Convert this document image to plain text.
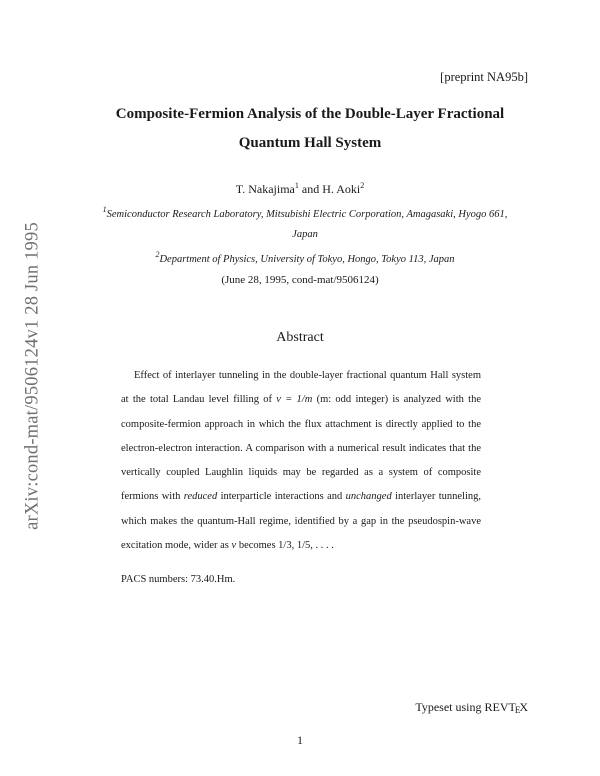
arXiv:cond-mat/9506124v1 28 Jun 1995
[preprint NA95b]
Composite-Fermion Analysis of the Double-Layer Fractional
Quantum Hall System
T. Nakajima$^1$ and H. Aoki$^2$
$^1$Semiconductor Research Laboratory, Mitsubishi Electric Corporation, Amagasaki, Hyogo 661,
Japan
$^2$Department of Physics, University of Tokyo, Hongo, Tokyo 113, Japan
(June 28, 1995, cond-mat/9506124)
Abstract

Effect of interlayer tunneling in the double-layer fractional quantum Hall system at the total Landau level filling of ν = 1/m (m: odd integer) is analyzed with the composite-fermion approach in which the flux attachment is directly applied to the electron-electron interaction. A comparison with a numerical result indicates that the vertically coupled Laughlin liquids may be regarded as a system of composite fermions with reduced interparticle interactions and unchanged interlayer tunneling, which makes the quantum-Hall regime, identified by a gap in the pseudospin-wave excitation mode, wider as ν becomes 1/3, 1/5, . . . .

PACS numbers: 73.40.Hm.
Typeset using REVTEX
1
